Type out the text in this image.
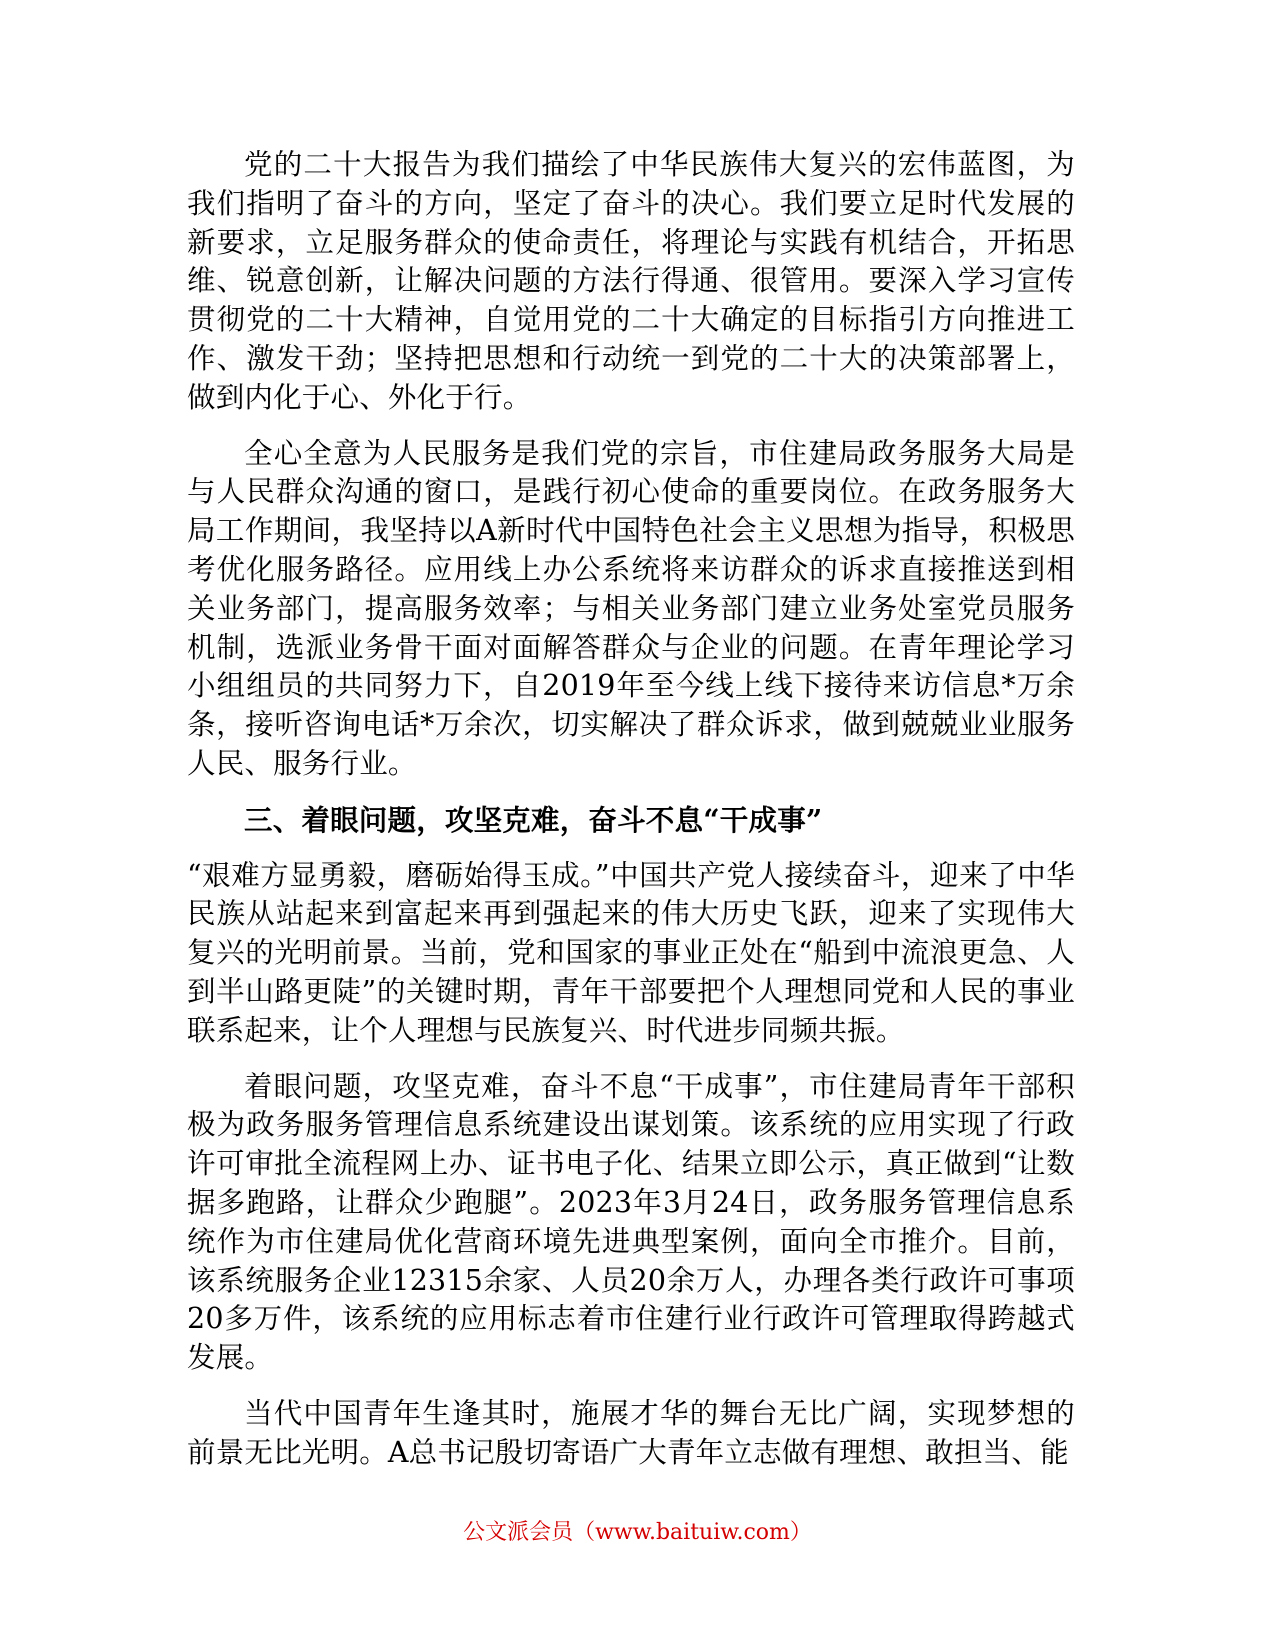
党的二十大报告为我们描绘了中华民族伟大复兴的宏伟蓝图，为我们指明了奋斗的方向，坚定了奋斗的决心。我们要立足时代发展的新要求，立足服务群众的使命责任，将理论与实践有机结合，开拓思维、锐意创新，让解决问题的方法行得通、很管用。要深入学习宣传贯彻党的二十大精神，自觉用党的二十大确定的目标指引方向推进工作、激发干劲；坚持把思想和行动统一到党的二十大的决策部署上，做到内化于心、外化于行。

全心全意为人民服务是我们党的宗旨，市住建局政务服务大局是与人民群众沟通的窗口，是践行初心使命的重要岗位。在政务服务大局工作期间，我坚持以A新时代中国特色社会主义思想为指导，积极思考优化服务路径。应用线上办公系统将来访群众的诉求直接推送到相关业务部门，提高服务效率；与相关业务部门建立业务处室党员服务机制，选派业务骨干面对面解答群众与企业的问题。在青年理论学习小组组员的共同努力下，自2019年至今线上线下接待来访信息*万余条，接听咨询电话*万余次，切实解决了群众诉求，做到兢兢业业服务人民、服务行业。

三、着眼问题，攻坚克难，奋斗不息“干成事”

“艰难方显勇毅，磨砺始得玉成。”中国共产党人接续奋斗，迎来了中华民族从站起来到富起来再到强起来的伟大历史飞跃，迎来了实现伟大复兴的光明前景。当前，党和国家的事业正处在“船到中流浪更急、人到半山路更陡”的关键时期，青年干部要把个人理想同党和人民的事业联系起来，让个人理想与民族复兴、时代进步同频共振。

着眼问题，攻坚克难，奋斗不息“干成事”，市住建局青年干部积极为政务服务管理信息系统建设出谋划策。该系统的应用实现了行政许可审批全流程网上办、证书电子化、结果立即公示，真正做到“让数据多跑路，让群众少跑腿”。2023年3月24日，政务服务管理信息系统作为市住建局优化营商环境先进典型案例，面向全市推介。目前，该系统服务企业12315余家、人员20余万人，办理各类行政许可事项20多万件，该系统的应用标志着市住建行业行政许可管理取得跨越式发展。

当代中国青年生逢其时，施展才华的舞台无比广阔，实现梦想的前景无比光明。A总书记殷切寄语广大青年立志做有理想、敢担当、能

公文派会员（www.baituiw.com）
